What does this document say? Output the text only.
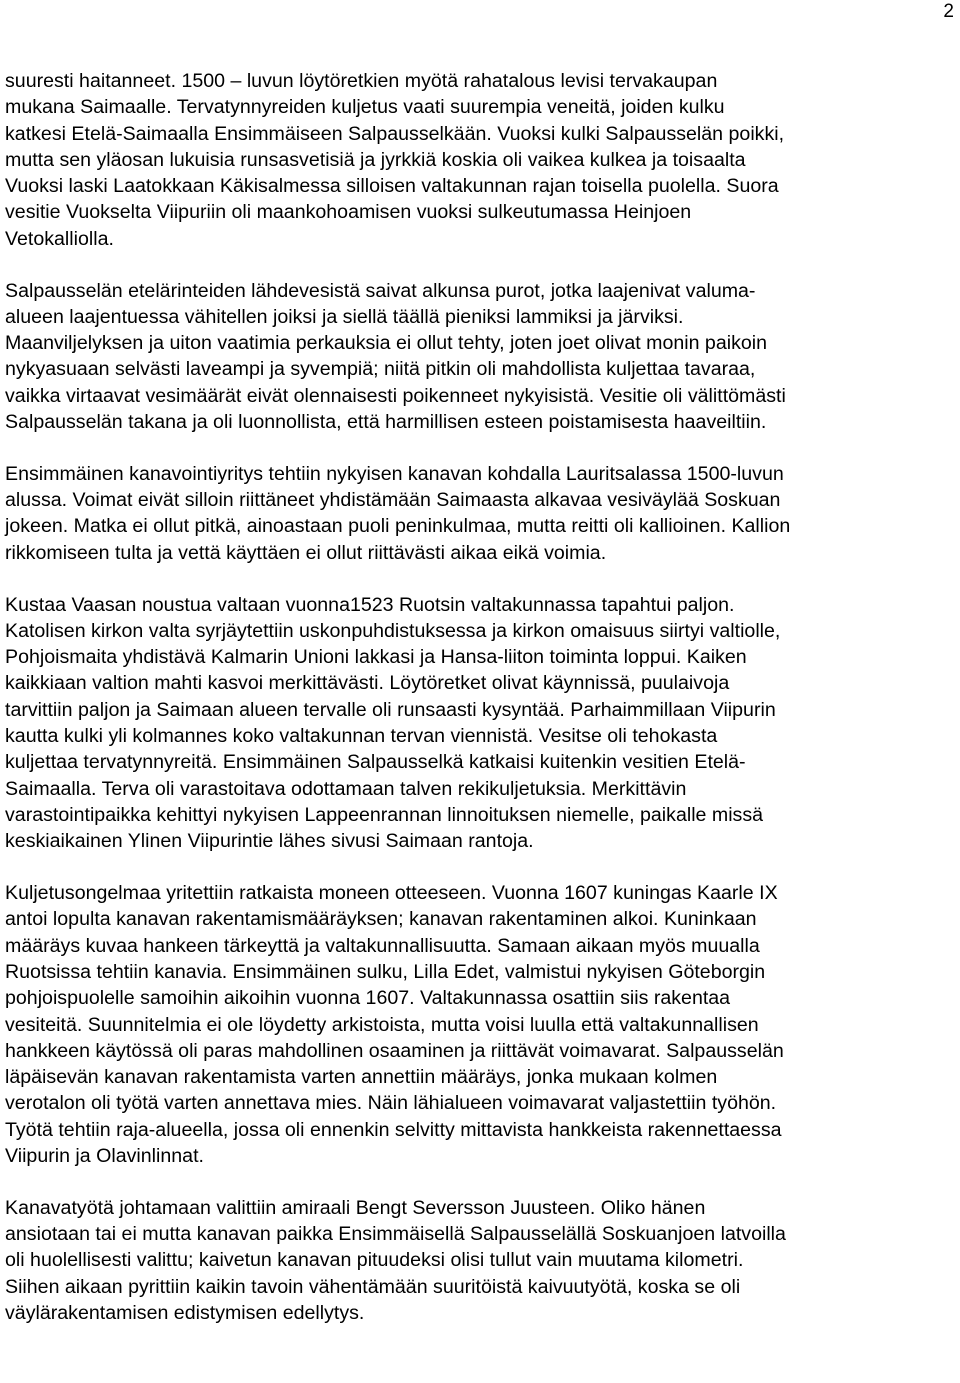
2
suuresti haitanneet. 1500 – luvun löytöretkien myötä rahatalous levisi tervakaupan
mukana Saimaalle. Tervatynnyreiden kuljetus vaati suurempia veneitä, joiden kulku
katkesi Etelä-Saimaalla Ensimmäiseen Salpausselkään. Vuoksi kulki Salpausselän poikki,
mutta sen yläosan lukuisia runsasvetisiä ja jyrkkiä koskia oli vaikea kulkea ja toisaalta
Vuoksi laski Laatokkaan Käkisalmessa silloisen valtakunnan rajan toisella puolella. Suora
vesitie Vuokselta Viipuriin oli maankohoamisen vuoksi sulkeutumassa Heinjoen
Vetokalliolla.
Salpausselän etelärinteiden lähdevesistä saivat alkunsa purot, jotka laajenivat valuma-
alueen laajentuessa vähitellen joiksi ja siellä täällä pieniksi lammiksi ja järviksi.
Maanviljelyksen ja uiton vaatimia perkauksia ei ollut tehty, joten joet olivat monin paikoin
nykyasuaan selvästi laveampi ja syvempiä; niitä pitkin oli mahdollista kuljettaa tavaraa,
vaikka virtaavat vesimäärät eivät olennaisesti poikenneet nykyisistä. Vesitie oli välittömästi
Salpausselän takana ja oli luonnollista, että harmillisen esteen poistamisesta haaveiltiin.
Ensimmäinen kanavointiyritys tehtiin nykyisen kanavan kohdalla Lauritsalassa 1500-luvun
alussa. Voimat eivät silloin riittäneet yhdistämään Saimaasta alkavaa vesiväylää Soskuan
jokeen. Matka ei ollut pitkä, ainoastaan puoli peninkulmaa, mutta reitti oli kallioinen. Kallion
rikkomiseen tulta ja vettä käyttäen ei ollut riittävästi aikaa eikä voimia.
Kustaa Vaasan noustua valtaan vuonna1523 Ruotsin valtakunnassa tapahtui paljon.
Katolisen kirkon valta syrjäytettiin uskonpuhdistuksessa ja kirkon omaisuus siirtyi valtiolle,
Pohjoismaita yhdistävä Kalmarin Unioni lakkasi ja Hansa-liiton toiminta loppui. Kaiken
kaikkiaan valtion mahti kasvoi merkittävästi. Löytöretket olivat käynnissä, puulaivoja
tarvittiin paljon ja Saimaan alueen tervalle oli runsaasti kysyntää. Parhaimmillaan Viipurin
kautta kulki yli kolmannes koko valtakunnan tervan viennistä. Vesitse oli tehokasta
kuljettaa tervatynnyreitä. Ensimmäinen Salpausselkä katkaisi kuitenkin vesitien Etelä-
Saimaalla. Terva oli varastoitava odottamaan talven rekikuljetuksia. Merkittävin
varastointipaikka kehittyi nykyisen Lappeenrannan linnoituksen niemelle, paikalle missä
keskiaikainen Ylinen Viipurintie lähes sivusi Saimaan rantoja.
Kuljetusongelmaa yritettiin ratkaista moneen otteeseen. Vuonna 1607 kuningas Kaarle IX
antoi lopulta kanavan rakentamismääräyksen; kanavan rakentaminen alkoi. Kuninkaan
määräys kuvaa hankeen tärkeyttä ja valtakunnallisuutta. Samaan aikaan myös muualla
Ruotsissa tehtiin kanavia. Ensimmäinen sulku, Lilla Edet, valmistui nykyisen Göteborgin
pohjoispuolelle samoihin aikoihin vuonna 1607. Valtakunnassa osattiin siis rakentaa
vesiteitä. Suunnitelmia ei ole löydetty arkistoista, mutta voisi luulla että valtakunnallisen
hankkeen käytössä oli paras mahdollinen osaaminen ja riittävät voimavarat. Salpausselän
läpäisevän kanavan rakentamista varten annettiin määräys, jonka mukaan kolmen
verotalon oli työtä varten annettava mies. Näin lähialueen voimavarat valjastettiin työhön.
Työtä tehtiin raja-alueella, jossa oli ennenkin selvitty mittavista hankkeista rakennettaessa
Viipurin ja Olavinlinnat.
Kanavatyötä johtamaan valittiin amiraali Bengt Seversson Juusteen. Oliko hänen
ansiotaan tai ei mutta kanavan paikka Ensimmäisellä Salpausselällä Soskuanjoen latvoilla
oli huolellisesti valittu; kaivetun kanavan pituudeksi olisi tullut vain muutama kilometri.
Siihen aikaan pyrittiin kaikin tavoin vähentämään suuritöistä kaivuutyötä, koska se oli
väylärakentamisen edistymisen edellytys.
